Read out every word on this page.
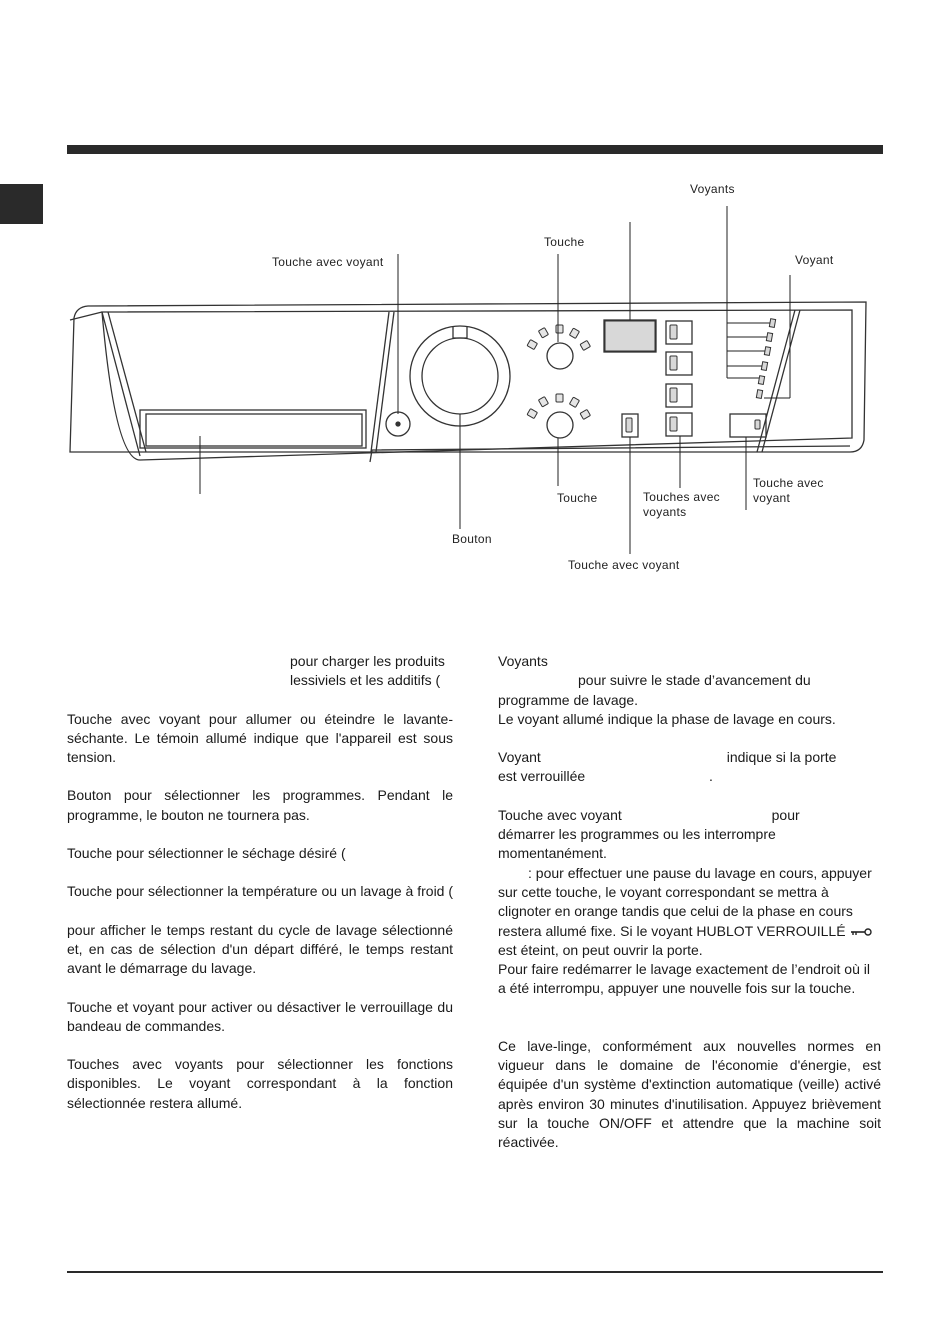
Voyants
Touche
Touche avec voyant	Voyant
Touche	Touches avec voyants
Touche avec voyant
Bouton
Touche avec voyant

pour charger les produits lessiviels et les additifs (

Touche avec voyant pour allumer ou éteindre le lavante-séchante. Le témoin allumé indique que l'appareil est sous tension.

Bouton pour sélectionner les programmes. Pendant le programme, le bouton ne tournera pas.

Touche pour sélectionner le séchage désiré (

Touche pour sélectionner la température ou un lavage à froid (

pour afficher le temps restant du cycle de lavage sélectionné et, en cas de sélection d'un départ différé, le temps restant avant le démarrage du lavage.

Touche et voyant pour activer ou désactiver le verrouillage du bandeau de commandes.

Touches avec voyants pour sélectionner les fonctions disponibles. Le voyant correspondant à la fonction sélectionnée restera allumé.

Voyants
pour suivre le stade d’avancement du programme de lavage.
Le voyant allumé indique la phase de lavage en cours.

Voyant	indique si la porte
est verrouillée	.

Touche avec voyant	pour
démarrer les programmes ou les interrompre momentanément.
: pour effectuer une pause du lavage en cours, appuyer sur cette touche, le voyant correspondant se mettra à clignoter en orange tandis que celui de la phase en cours restera allumé fixe. Si le voyant HUBLOT VERROUILLÉ  est éteint, on peut ouvrir la porte.
Pour faire redémarrer le lavage exactement de l’endroit où il a été interrompu, appuyer une nouvelle fois sur la touche.

Ce lave-linge, conformément aux nouvelles normes en vigueur dans le domaine de l'économie d'énergie, est équipée d'un système d'extinction automatique (veille) activé après environ 30 minutes d'inutilisation. Appuyez brièvement sur la touche ON/OFF et attendre que la machine soit réactivée.
